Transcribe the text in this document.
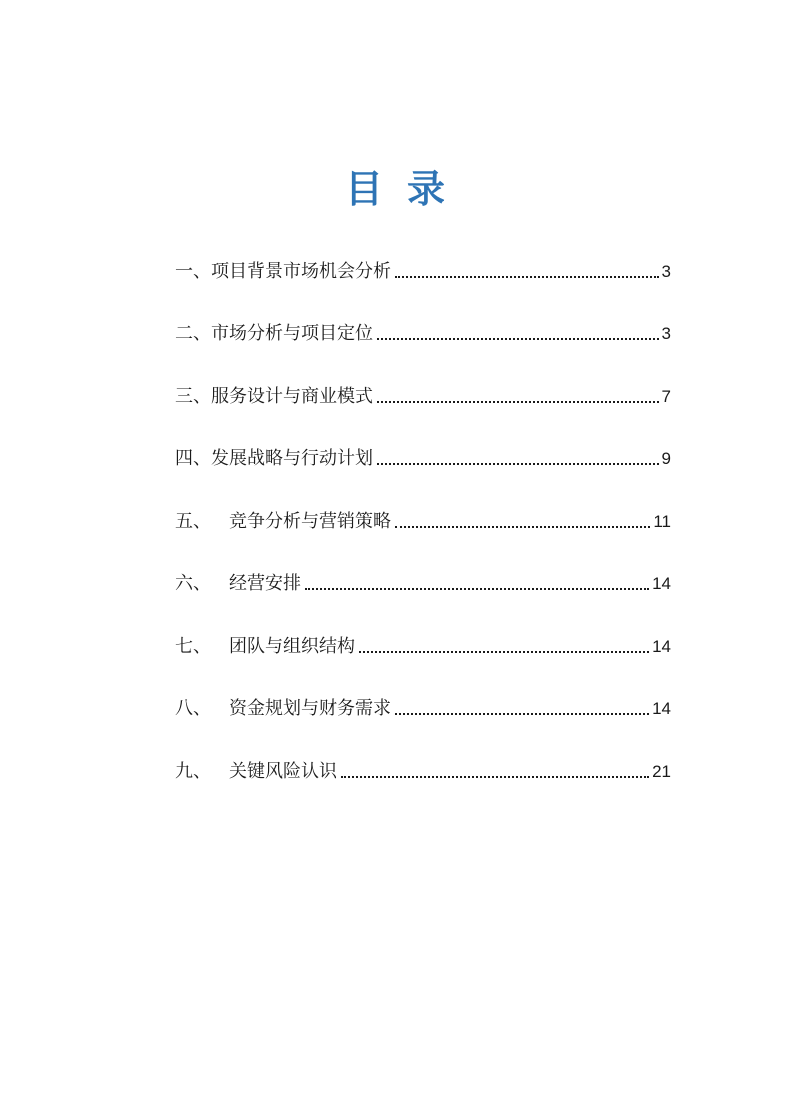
目 录
一、 项目背景市场机会分析	3
二、 市场分析与项目定位	3
三、 服务设计与商业模式	7
四、 发展战略与行动计划	9
五、	竞争分析与营销策略	11
六、	经营安排	14
七、	团队与组织结构	14
八、	资金规划与财务需求	14
九、	关键风险认识	21
